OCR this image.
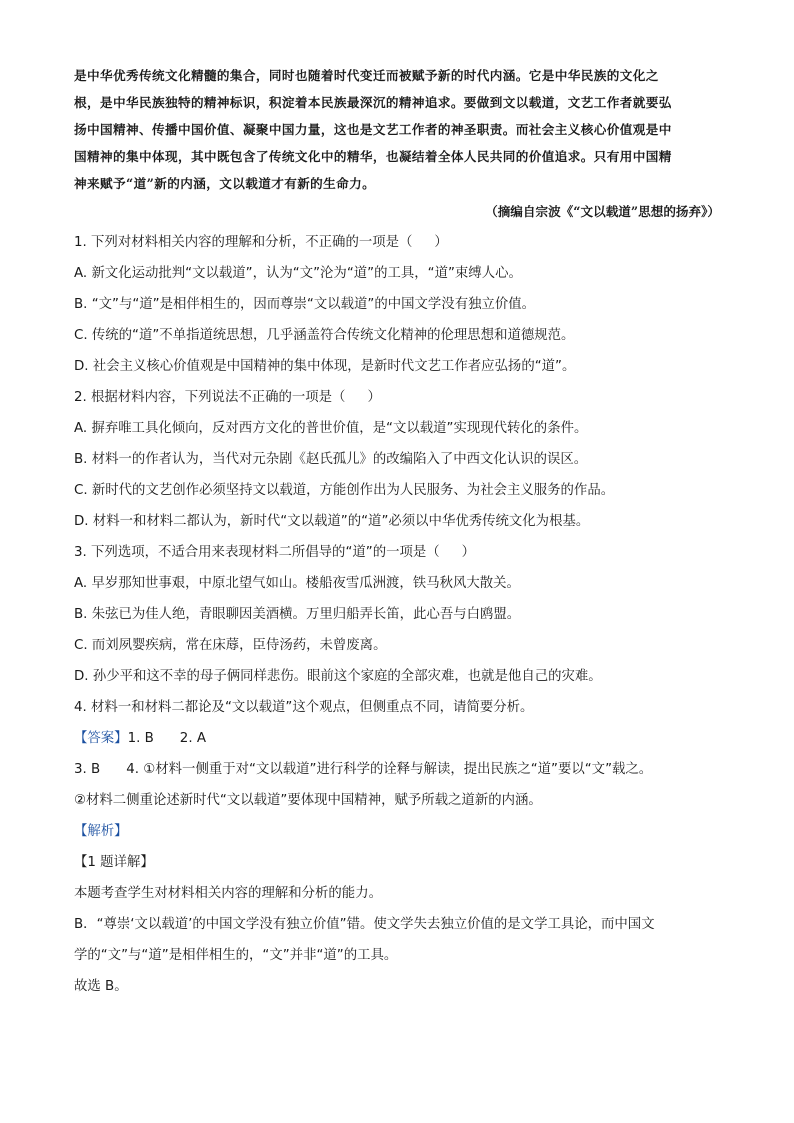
是中华优秀传统文化精髓的集合，同时也随着时代变迁而被赋予新的时代内涵。它是中华民族的文化之

根，是中华民族独特的精神标识，积淀着本民族最深沉的精神追求。要做到文以载道，文艺工作者就要弘

扬中国精神、传播中国价值、凝聚中国力量，这也是文艺工作者的神圣职责。而社会主义核心价值观是中

国精神的集中体现，其中既包含了传统文化中的精华，也凝结着全体人民共同的价值追求。只有用中国精

神来赋予“道”新的内涵，文以载道才有新的生命力。

（摘编自宗波《“文以载道”思想的扬弃》）

1. 下列对材料相关内容的理解和分析，不正确的一项是（ ）

A. 新文化运动批判“文以载道”，认为“文”沦为“道”的工具，“道”束缚人心。

B. “文”与“道”是相伴相生的，因而尊崇“文以载道”的中国文学没有独立价值。

C. 传统的“道”不单指道统思想，几乎涵盖符合传统文化精神的伦理思想和道德规范。

D. 社会主义核心价值观是中国精神的集中体现，是新时代文艺工作者应弘扬的“道”。

2. 根据材料内容，下列说法不正确的一项是（ ）

A. 摒弃唯工具化倾向，反对西方文化的普世价值，是“文以载道”实现现代转化的条件。

B. 材料一的作者认为，当代对元杂剧《赵氏孤儿》的改编陷入了中西文化认识的误区。

C. 新时代的文艺创作必须坚持文以载道，方能创作出为人民服务、为社会主义服务的作品。

D. 材料一和材料二都认为，新时代“文以载道”的“道”必须以中华优秀传统文化为根基。

3. 下列选项，不适合用来表现材料二所倡导的“道”的一项是（ ）

A. 早岁那知世事艰，中原北望气如山。楼船夜雪瓜洲渡，铁马秋风大散关。

B. 朱弦已为佳人绝，青眼聊因美酒横。万里归船弄长笛，此心吾与白鸥盟。

C. 而刘夙婴疾病，常在床蓐，臣侍汤药，未曾废离。

D. 孙少平和这不幸的母子俩同样悲伤。眼前这个家庭的全部灾难，也就是他自己的灾难。

4. 材料一和材料二都论及“文以载道”这个观点，但侧重点不同，请简要分析。

【答案】1. B 2. A

3. B 4. ①材料一侧重于对“文以载道”进行科学的诠释与解读，提出民族之“道”要以“文”载之。

②材料二侧重论述新时代“文以载道”要体现中国精神，赋予所载之道新的内涵。

【解析】

【1 题详解】

本题考查学生对材料相关内容的理解和分析的能力。

B．“尊崇‘文以载道’的中国文学没有独立价值”错。使文学失去独立价值的是文学工具论，而中国文

学的“文”与“道”是相伴相生的，“文”并非“道”的工具。

故选 B。
